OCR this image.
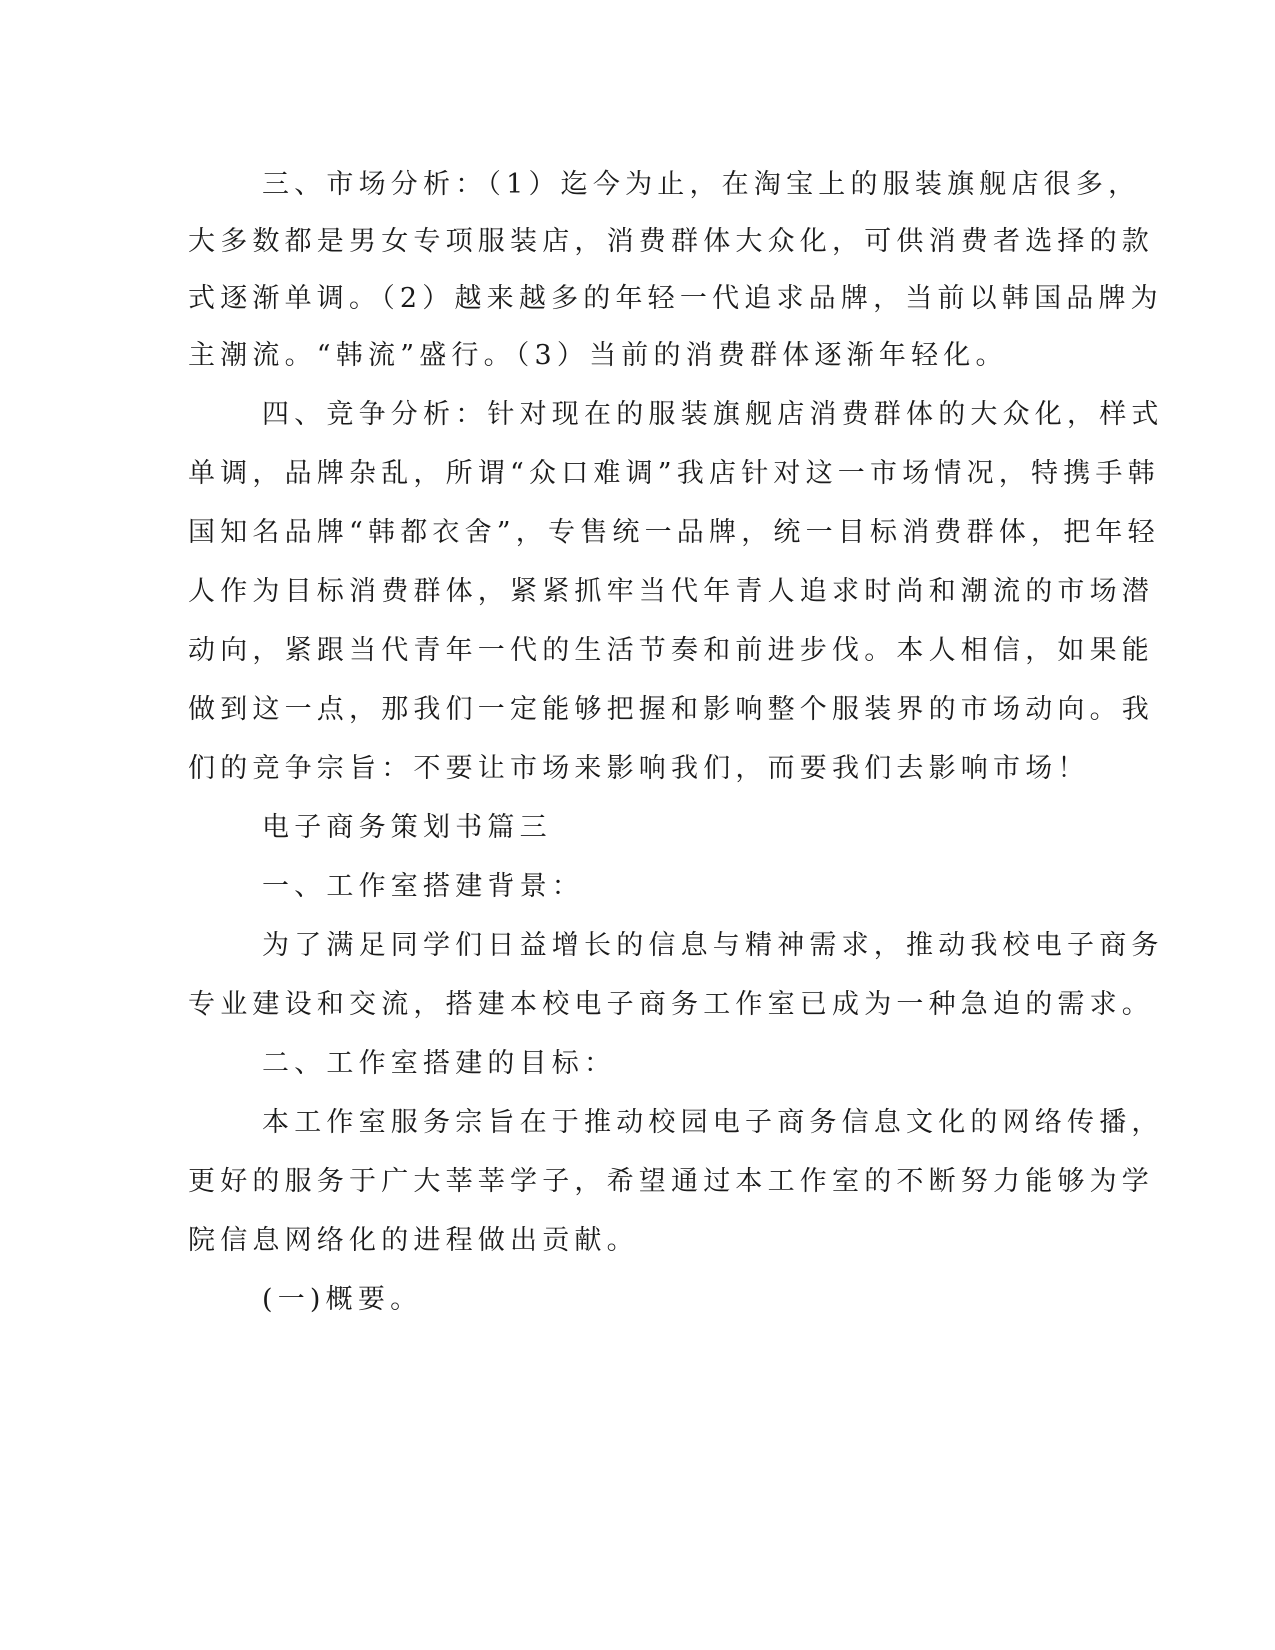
三、市场分析：（1）迄今为止，在淘宝上的服装旗舰店很多，
大多数都是男女专项服装店，消费群体大众化，可供消费者选择的款
式逐渐单调。（2）越来越多的年轻一代追求品牌，当前以韩国品牌为
主潮流。“韩流”盛行。（3）当前的消费群体逐渐年轻化。
四、竞争分析：针对现在的服装旗舰店消费群体的大众化，样式
单调，品牌杂乱，所谓“众口难调”我店针对这一市场情况，特携手韩
国知名品牌“韩都衣舍”，专售统一品牌，统一目标消费群体，把年轻
人作为目标消费群体，紧紧抓牢当代年青人追求时尚和潮流的市场潜
动向，紧跟当代青年一代的生活节奏和前进步伐。本人相信，如果能
做到这一点，那我们一定能够把握和影响整个服装界的市场动向。我
们的竞争宗旨：不要让市场来影响我们，而要我们去影响市场！
电子商务策划书篇三
一、工作室搭建背景：
为了满足同学们日益增长的信息与精神需求，推动我校电子商务
专业建设和交流，搭建本校电子商务工作室已成为一种急迫的需求。
二、工作室搭建的目标：
本工作室服务宗旨在于推动校园电子商务信息文化的网络传播，
更好的服务于广大莘莘学子，希望通过本工作室的不断努力能够为学
院信息网络化的进程做出贡献。
(一)概要。
